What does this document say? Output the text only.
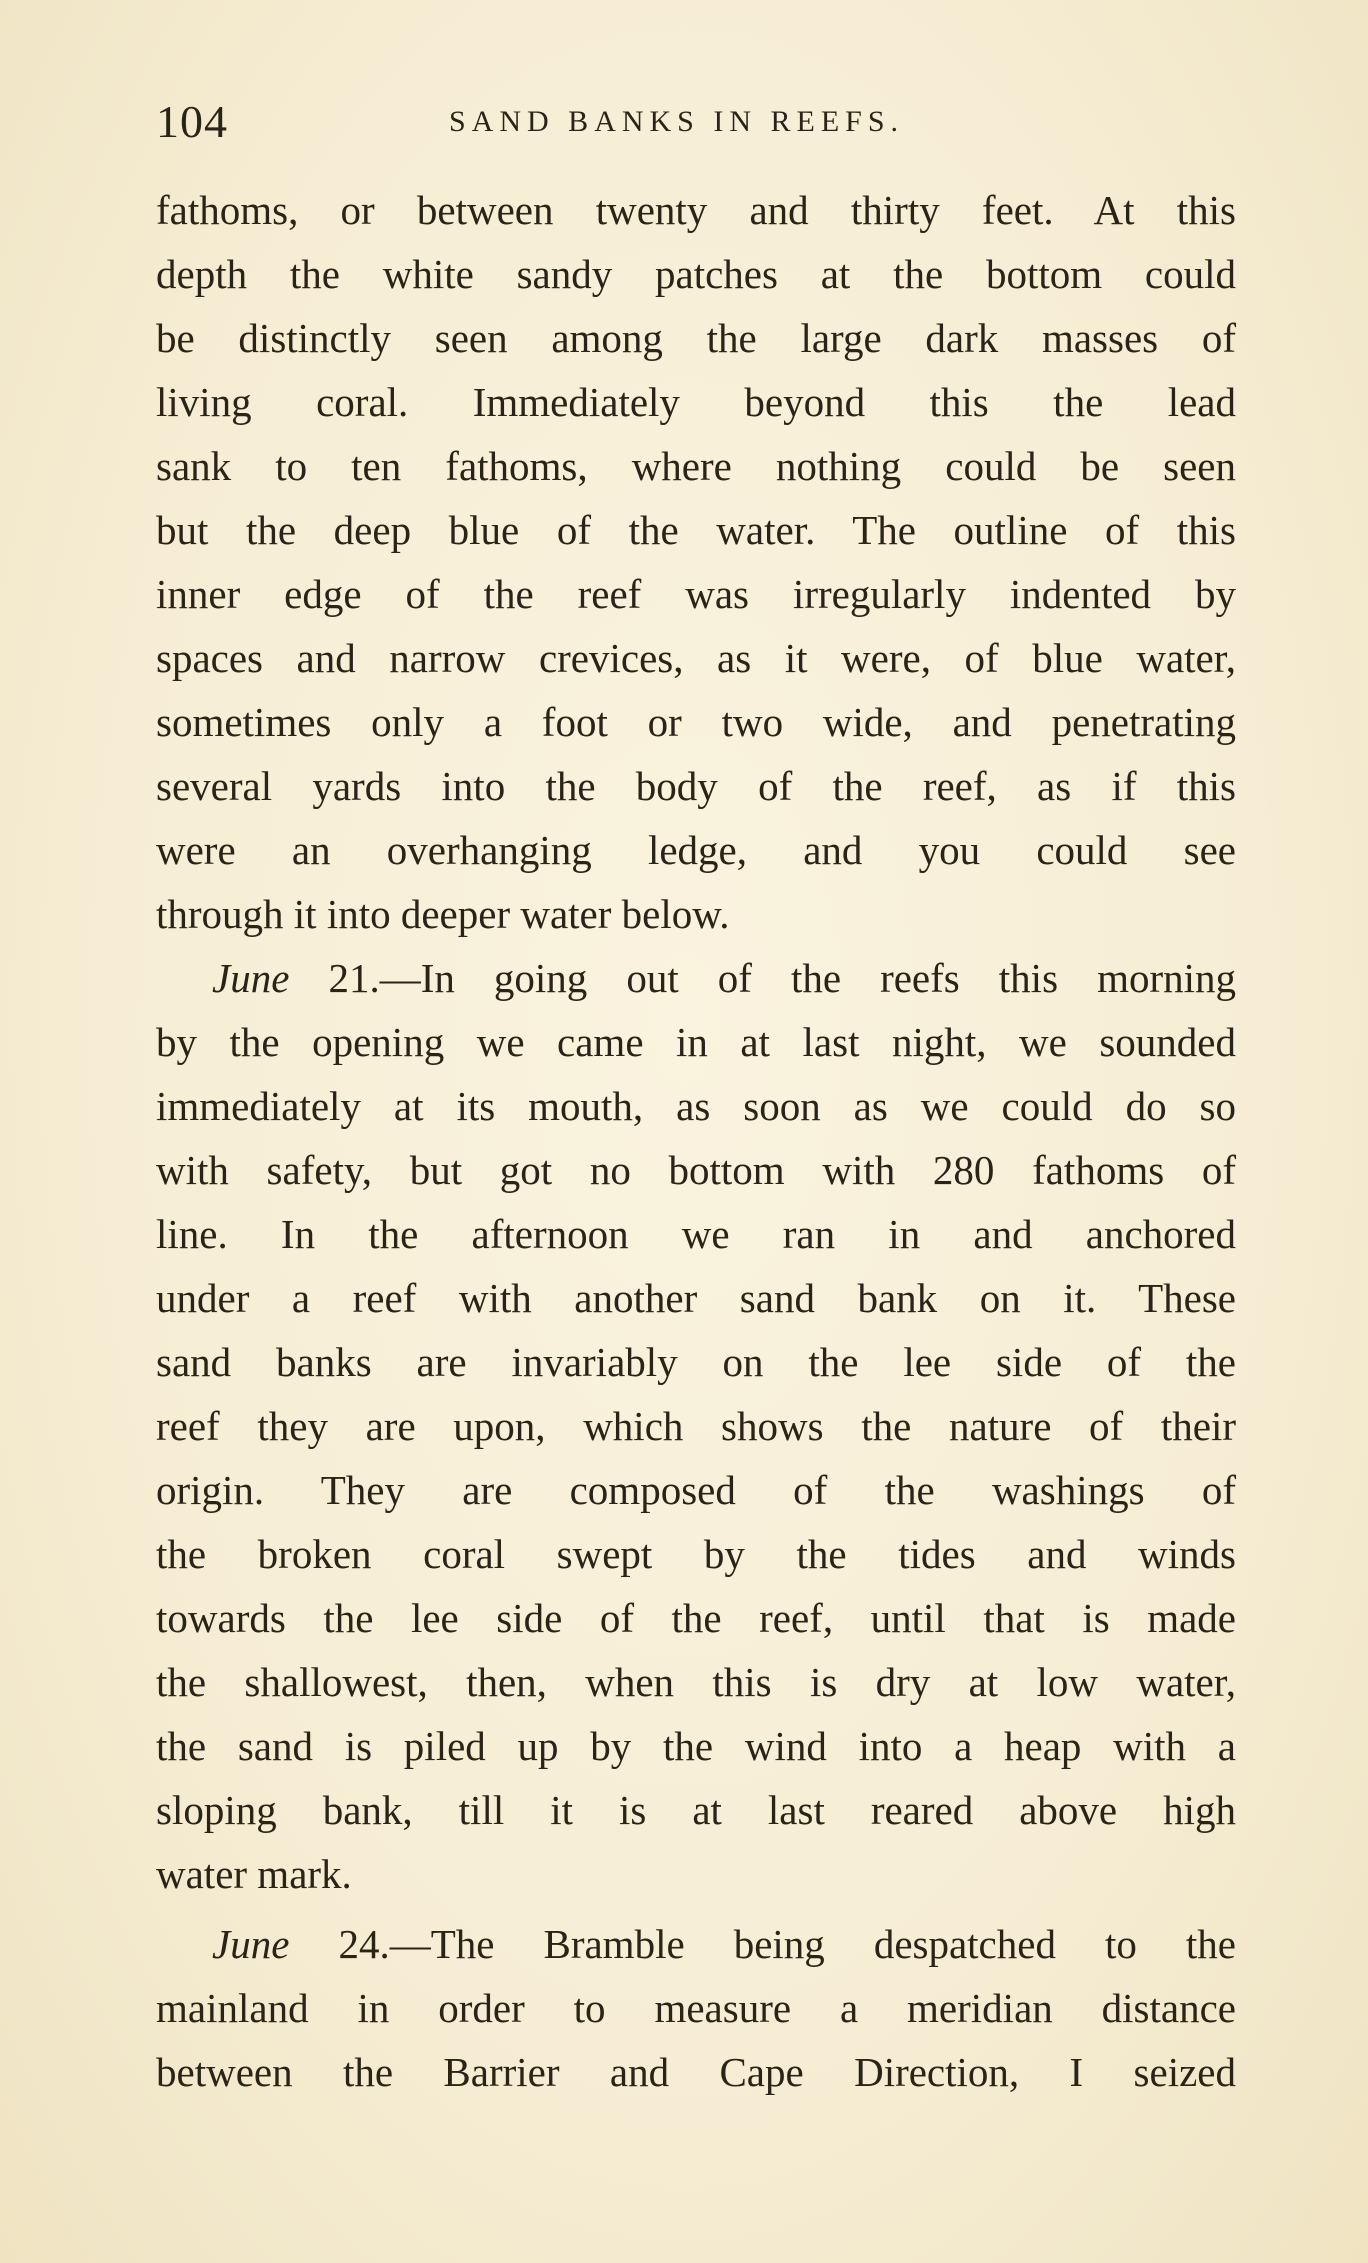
104	SAND BANKS IN REEFS.
fathoms, or between twenty and thirty feet. At this
depth the white sandy patches at the bottom could
be distinctly seen among the large dark masses of
living coral. Immediately beyond this the lead
sank to ten fathoms, where nothing could be seen
but the deep blue of the water. The outline of this
inner edge of the reef was irregularly indented by
spaces and narrow crevices, as it were, of blue water,
sometimes only a foot or two wide, and penetrating
several yards into the body of the reef, as if this
were an overhanging ledge, and you could see
through it into deeper water below.
June 21.—In going out of the reefs this morning
by the opening we came in at last night, we sounded
immediately at its mouth, as soon as we could do so
with safety, but got no bottom with 280 fathoms of
line. In the afternoon we ran in and anchored
under a reef with another sand bank on it. These
sand banks are invariably on the lee side of the
reef they are upon, which shows the nature of their
origin. They are composed of the washings of
the broken coral swept by the tides and winds
towards the lee side of the reef, until that is made
the shallowest, then, when this is dry at low water,
the sand is piled up by the wind into a heap with a
sloping bank, till it is at last reared above high
water mark.
June 24.—The Bramble being despatched to the
mainland in order to measure a meridian distance
between the Barrier and Cape Direction, I seized
